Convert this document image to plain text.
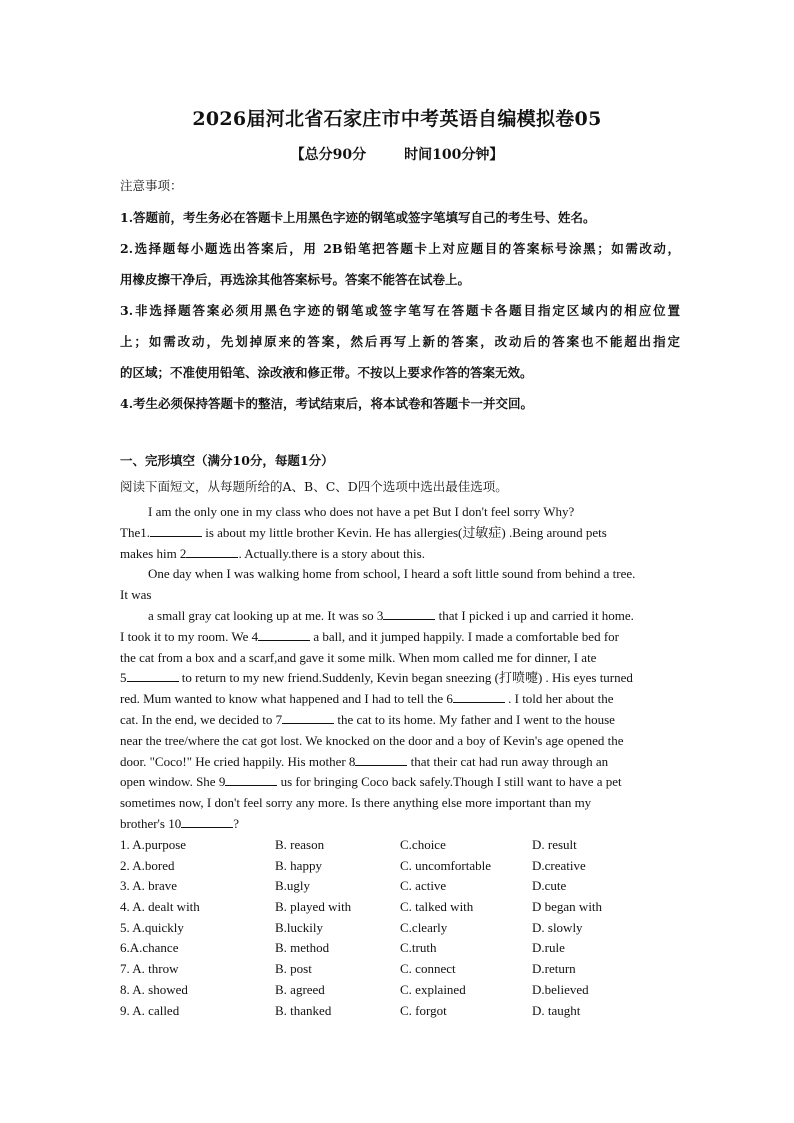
2026届河北省石家庄市中考英语自编模拟卷05
【总分90分	时间100分钟】
注意事项：
1.答题前，考生务必在答题卡上用黑色字迹的钢笔或签字笔填写自己的考生号、姓名。
2.选择题每小题选出答案后，用 2B铅笔把答题卡上对应题目的答案标号涂黑；如需改动，
用橡皮擦干净后，再选涂其他答案标号。答案不能答在试卷上。
3.非选择题答案必须用黑色字迹的钢笔或签字笔写在答题卡各题目指定区域内的相应位置
上；如需改动，先划掉原来的答案，然后再写上新的答案，改动后的答案也不能超出指定
的区域；不准使用铅笔、涂改液和修正带。不按以上要求作答的答案无效。
4.考生必须保持答题卡的整洁，考试结束后，将本试卷和答题卡一并交回。
一、完形填空（满分10分，每题1分）
阅读下面短文，从每题所给的A、B、C、D四个选项中选出最佳选项。
I am the only one in my class who does not have a pet But I don't feel sorry Why?
The1.	is about my little brother Kevin. He has allergies(过敏症) .Being around pets
makes him 2	. Actually.there is a story about this.
One day when I was walking home from school, I heard a soft little sound from behind a tree.
It was
a small gray cat looking up at me. It was so 3	that I picked i up and carried it home.
I took it to my room. We 4	a ball, and it jumped happily. I made a comfortable bed for
the cat from a box and a scarf,and gave it some milk. When mom called me for dinner, I ate
5	to return to my new friend.Suddenly, Kevin began sneezing (打喷嚏) . His eyes turned
red. Mum wanted to know what happened and I had to tell the 6	. I told her about the
cat. In the end, we decided to 7	the cat to its home. My father and I went to the house
near the tree/where the cat got lost. We knocked on the door and a boy of Kevin's age opened the
door. "Coco!" He cried happily. His mother 8	that their cat had run away through an
open window. She 9	us for bringing Coco back safely.Though I still want to have a pet
sometimes now, I don't feel sorry any more. Is there anything else more important than my
brother's 10	?
1. A.purpose	B. reason	C.choice	D. result
2. A.bored	B. happy	C. uncomfortable	D.creative
3. A. brave	B.ugly	C. active	D.cute
4. A. dealt with	B. played with	C. talked with	D began with
5. A.quickly	B.luckily	C.clearly	D. slowly
6.A.chance	B. method	C.truth	D.rule
7. A. throw	B. post	C. connect	D.return
8. A. showed	B. agreed	C. explained	D.believed
9. A. called	B. thanked	C. forgot	D. taught
